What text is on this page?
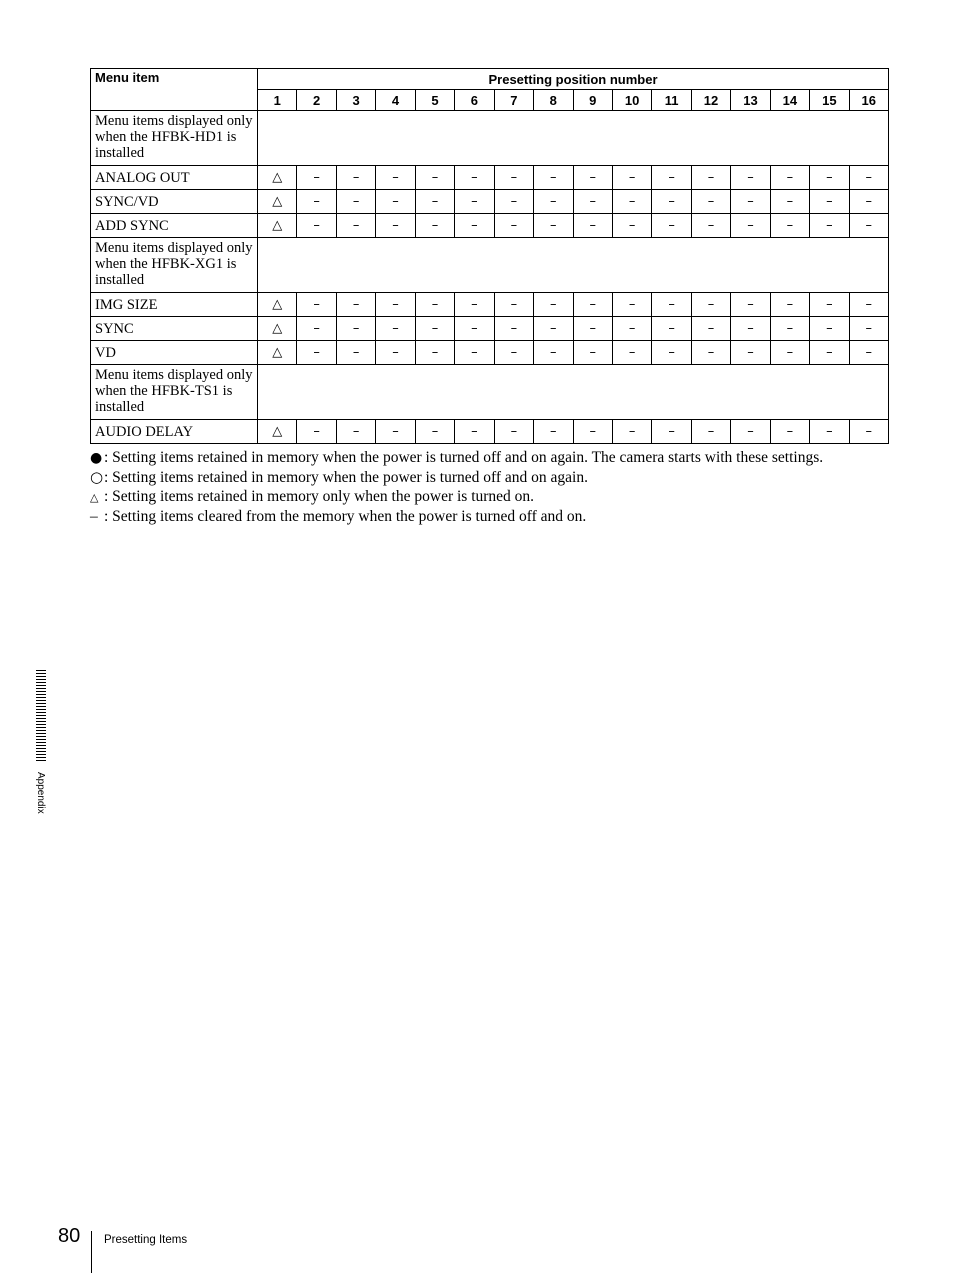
Menu item	Presetting position number															
	1	2	3	4	5	6	7	8	9	10	11	12	13	14	15	16
Menu items displayed only when the HFBK-HD1 is installed																
ANALOG OUT	△	–	–	–	–	–	–	–	–	–	–	–	–	–	–	–
SYNC/VD	△	–	–	–	–	–	–	–	–	–	–	–	–	–	–	–
ADD SYNC	△	–	–	–	–	–	–	–	–	–	–	–	–	–	–	–
Menu items displayed only when the HFBK-XG1 is installed																
IMG SIZE	△	–	–	–	–	–	–	–	–	–	–	–	–	–	–	–
SYNC	△	–	–	–	–	–	–	–	–	–	–	–	–	–	–	–
VD	△	–	–	–	–	–	–	–	–	–	–	–	–	–	–	–
Menu items displayed only when the HFBK-TS1 is installed																
AUDIO DELAY	△	–	–	–	–	–	–	–	–	–	–	–	–	–	–	–
● : Setting items retained in memory when the power is turned off and on again. The camera starts with these settings.
○: Setting items retained in memory when the power is turned off and on again.
△ : Setting items retained in memory only when the power is turned on.
– : Setting items cleared from the memory when the power is turned off and on.
Appendix
80 Presetting Items
